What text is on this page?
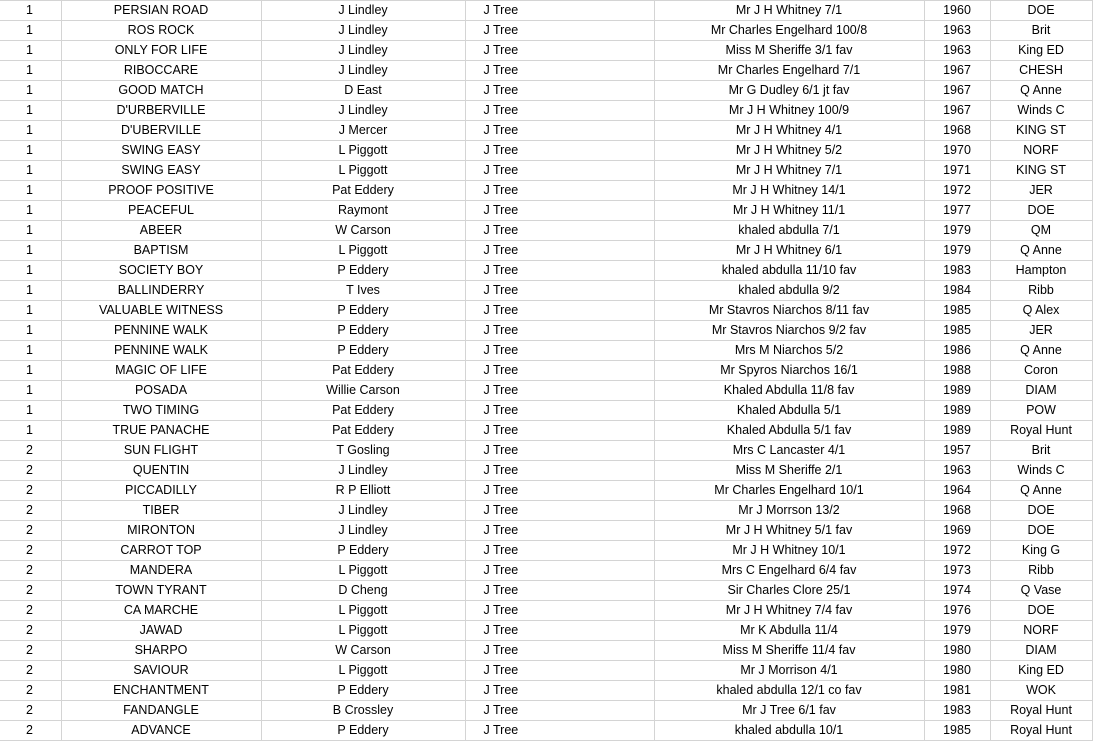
1	PERSIAN ROAD	J Lindley	J Tree	Mr J H Whitney 7/1	1960	DOE
1	ROS ROCK	J Lindley	J Tree	Mr Charles Engelhard 100/8	1963	Brit
1	ONLY FOR LIFE	J Lindley	J Tree	Miss M Sheriffe 3/1 fav	1963	King ED
1	RIBOCCARE	J Lindley	J Tree	Mr Charles Engelhard 7/1	1967	CHESH
1	GOOD MATCH	D East	J Tree	Mr G Dudley 6/1 jt fav	1967	Q Anne
1	D'URBERVILLE	J Lindley	J Tree	Mr J H Whitney 100/9	1967	Winds C
1	D'UBERVILLE	J Mercer	J Tree	Mr J H Whitney 4/1	1968	KING ST
1	SWING EASY	L Piggott	J Tree	Mr J H Whitney 5/2	1970	NORF
1	SWING EASY	L Piggott	J Tree	Mr J H Whitney 7/1	1971	KING ST
1	PROOF POSITIVE	Pat Eddery	J Tree	Mr J H Whitney 14/1	1972	JER
1	PEACEFUL	Raymont	J Tree	Mr J H Whitney 11/1	1977	DOE
1	ABEER	W Carson	J Tree	khaled abdulla 7/1	1979	QM
1	BAPTISM	L Piggott	J Tree	Mr J H Whitney 6/1	1979	Q Anne
1	SOCIETY BOY	P Eddery	J Tree	khaled abdulla 11/10 fav	1983	Hampton
1	BALLINDERRY	T Ives	J Tree	khaled abdulla 9/2	1984	Ribb
1	VALUABLE WITNESS	P Eddery	J Tree	Mr Stavros Niarchos 8/11 fav	1985	Q Alex
1	PENNINE WALK	P Eddery	J Tree	Mr Stavros Niarchos 9/2 fav	1985	JER
1	PENNINE WALK	P Eddery	J Tree	Mrs M Niarchos 5/2	1986	Q Anne
1	MAGIC OF LIFE	Pat Eddery	J Tree	Mr Spyros Niarchos 16/1	1988	Coron
1	POSADA	Willie Carson	J Tree	Khaled Abdulla 11/8 fav	1989	DIAM
1	TWO TIMING	Pat Eddery	J Tree	Khaled Abdulla 5/1	1989	POW
1	TRUE PANACHE	Pat Eddery	J Tree	Khaled Abdulla 5/1 fav	1989	Royal Hunt
2	SUN FLIGHT	T Gosling	J Tree	Mrs C Lancaster 4/1	1957	Brit
2	QUENTIN	J Lindley	J Tree	Miss M Sheriffe 2/1	1963	Winds C
2	PICCADILLY	R P Elliott	J Tree	Mr Charles Engelhard 10/1	1964	Q Anne
2	TIBER	J Lindley	J Tree	Mr J Morrson 13/2	1968	DOE
2	MIRONTON	J Lindley	J Tree	Mr J H Whitney 5/1 fav	1969	DOE
2	CARROT TOP	P Eddery	J Tree	Mr J H Whitney 10/1	1972	King G
2	MANDERA	L Piggott	J Tree	Mrs C Engelhard 6/4 fav	1973	Ribb
2	TOWN TYRANT	D Cheng	J Tree	Sir Charles Clore 25/1	1974	Q Vase
2	CA MARCHE	L Piggott	J Tree	Mr J H Whitney 7/4 fav	1976	DOE
2	JAWAD	L Piggott	J Tree	Mr K Abdulla 11/4	1979	NORF
2	SHARPO	W Carson	J Tree	Miss M Sheriffe 11/4 fav	1980	DIAM
2	SAVIOUR	L Piggott	J Tree	Mr J Morrison 4/1	1980	King ED
2	ENCHANTMENT	P Eddery	J Tree	khaled abdulla 12/1 co fav	1981	WOK
2	FANDANGLE	B Crossley	J Tree	Mr J Tree 6/1 fav	1983	Royal Hunt
2	ADVANCE	P Eddery	J Tree	khaled abdulla 10/1	1985	Royal Hunt
